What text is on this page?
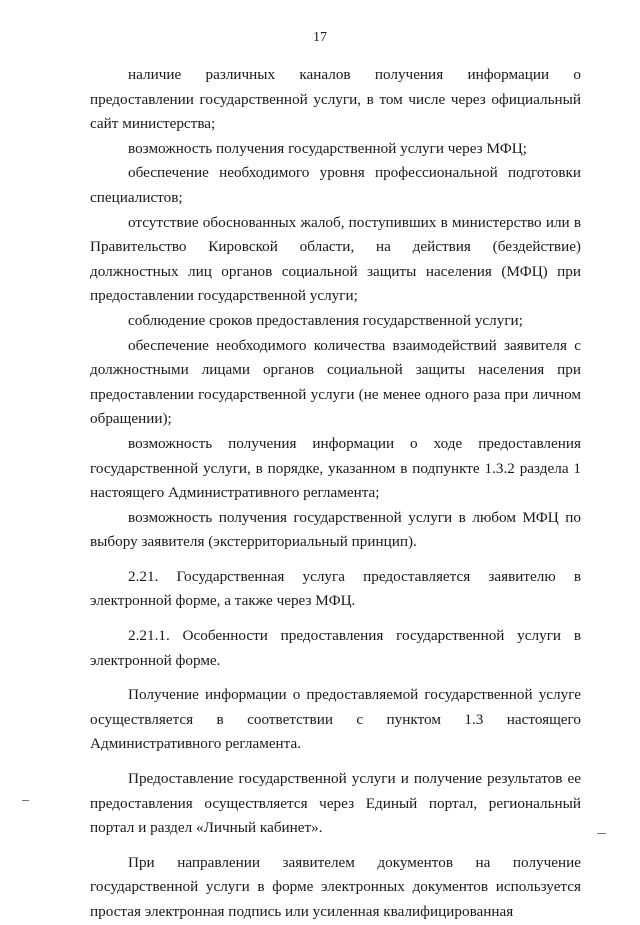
17

наличие различных каналов получения информации о предоставлении государственной услуги, в том числе через официальный сайт министерства;

возможность получения государственной услуги через МФЦ;

обеспечение необходимого уровня профессиональной подготовки специалистов;

отсутствие обоснованных жалоб, поступивших в министерство или в Правительство Кировской области, на действия (бездействие) должностных лиц органов социальной защиты населения (МФЦ) при предоставлении государственной услуги;

соблюдение сроков предоставления государственной услуги;

обеспечение необходимого количества взаимодействий заявителя с должностными лицами органов социальной защиты населения при предоставлении государственной услуги (не менее одного раза при личном обращении);

возможность получения информации о ходе предоставления государственной услуги, в порядке, указанном в подпункте 1.3.2 раздела 1 настоящего Административного регламента;

возможность получения государственной услуги в любом МФЦ по выбору заявителя (экстерриториальный принцип).

2.21. Государственная услуга предоставляется заявителю в электронной форме, а также через МФЦ.

2.21.1. Особенности предоставления государственной услуги в электронной форме.

Получение информации о предоставляемой государственной услуге осуществляется в соответствии с пунктом 1.3 настоящего Административного регламента.

Предоставление государственной услуги и получение результатов ее предоставления осуществляется через Единый портал, региональный портал и раздел «Личный кабинет».

При направлении заявителем документов на получение государственной услуги в форме электронных документов используется простая электронная подпись или усиленная квалифицированная
